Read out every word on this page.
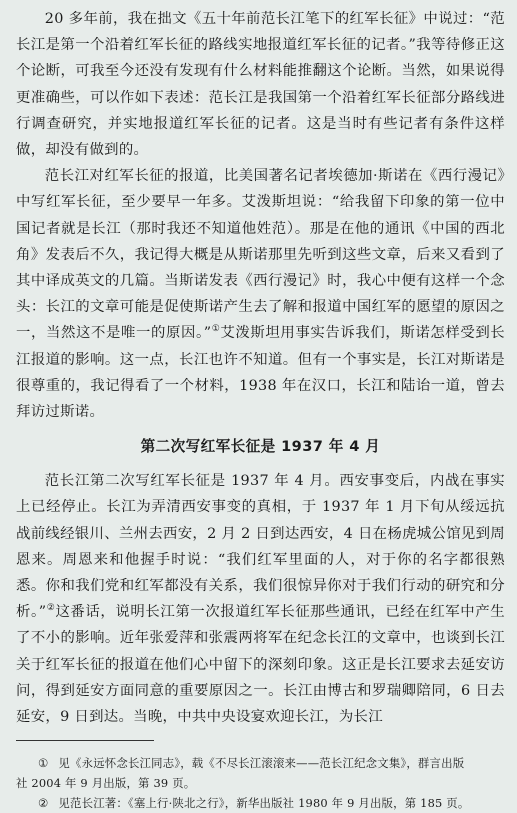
20 多年前，我在拙文《五十年前范长江笔下的红军长征》中说过：“范长江是第一个沿着红军长征的路线实地报道红军长征的记者。”我等待修正这个论断，可我至今还没有发现有什么材料能推翻这个论断。当然，如果说得更准确些，可以作如下表述：范长江是我国第一个沿着红军长征部分路线进行调查研究，并实地报道红军长征的记者。这是当时有些记者有条件这样做，却没有做到的。

范长江对红军长征的报道，比美国著名记者埃德加·斯诺在《西行漫记》中写红军长征，至少要早一年多。艾泼斯坦说：“给我留下印象的第一位中国记者就是长江（那时我还不知道他姓范）。那是在他的通讯《中国的西北角》发表后不久，我记得大概是从斯诺那里先听到这些文章，后来又看到了其中译成英文的几篇。当斯诺发表《西行漫记》时，我心中便有这样一个念头：长江的文章可能是促使斯诺产生去了解和报道中国红军的愿望的原因之一，当然这不是唯一的原因。”①艾泼斯坦用事实告诉我们，斯诺怎样受到长江报道的影响。这一点，长江也许不知道。但有一个事实是，长江对斯诺是很尊重的，我记得看了一个材料，1938 年在汉口，长江和陆诒一道，曾去拜访过斯诺。

第二次写红军长征是 1937 年 4 月

范长江第二次写红军长征是 1937 年 4 月。西安事变后，内战在事实上已经停止。长江为弄清西安事变的真相，于 1937 年 1 月下旬从绥远抗战前线经银川、兰州去西安，2 月 2 日到达西安，4 日在杨虎城公馆见到周恩来。周恩来和他握手时说：“我们红军里面的人，对于你的名字都很熟悉。你和我们党和红军都没有关系，我们很惊异你对于我们行动的研究和分析。”②这番话，说明长江第一次报道红军长征那些通讯，已经在红军中产生了不小的影响。近年张爱萍和张震两将军在纪念长江的文章中，也谈到长江关于红军长征的报道在他们心中留下的深刻印象。这正是长江要求去延安访问，得到延安方面同意的重要原因之一。长江由博古和罗瑞卿陪同，6 日去延安，9 日到达。当晚，中共中央设宴欢迎长江，为长江

① 见《永远怀念长江同志》，载《不尽长江滚滚来——范长江纪念文集》，群言出版

社 2004 年 9 月出版，第 39 页。

② 见范长江著：《塞上行·陕北之行》，新华出版社 1980 年 9 月出版，第 185 页。
